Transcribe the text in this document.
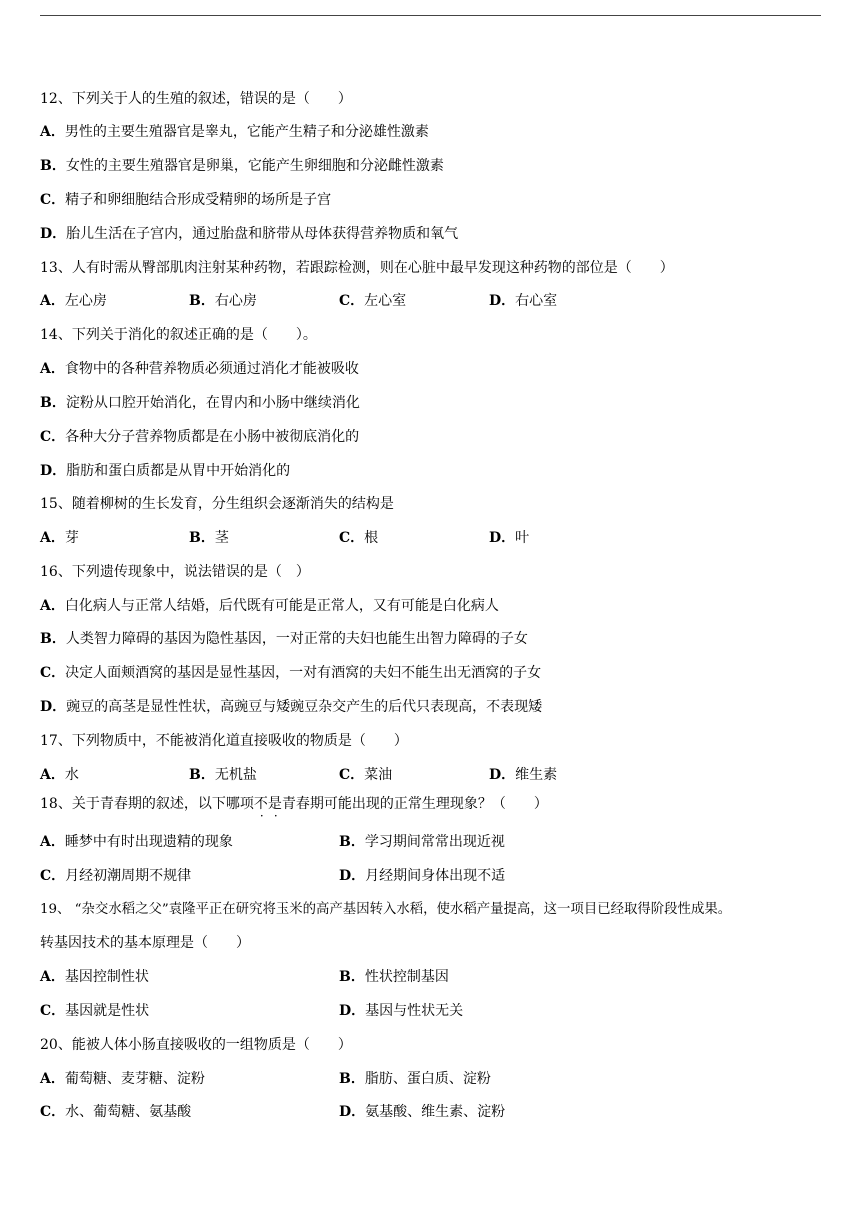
12、下列关于人的生殖的叙述，错误的是（　　）
A．男性的主要生殖器官是睾丸，它能产生精子和分泌雄性激素
B．女性的主要生殖器官是卵巢，它能产生卵细胞和分泌雌性激素
C．精子和卵细胞结合形成受精卵的场所是子宫
D．胎儿生活在子宫内，通过胎盘和脐带从母体获得营养物质和氧气
13、人有时需从臀部肌肉注射某种药物，若跟踪检测，则在心脏中最早发现这种药物的部位是（　　）
A．左心房	B．右心房	C．左心室	D．右心室
14、下列关于消化的叙述正确的是（　　）。
A．食物中的各种营养物质必须通过消化才能被吸收
B．淀粉从口腔开始消化，在胃内和小肠中继续消化
C．各种大分子营养物质都是在小肠中被彻底消化的
D．脂肪和蛋白质都是从胃中开始消化的
15、随着柳树的生长发育，分生组织会逐渐消失的结构是
A．芽	B．茎	C．根	D．叶
16、下列遗传现象中，说法错误的是（　）
A．白化病人与正常人结婚，后代既有可能是正常人，又有可能是白化病人
B．人类智力障碍的基因为隐性基因，一对正常的夫妇也能生出智力障碍的子女
C．决定人面颊酒窝的基因是显性基因，一对有酒窝的夫妇不能生出无酒窝的子女
D．豌豆的高茎是显性性状，高豌豆与矮豌豆杂交产生的后代只表现高，不表现矮
17、下列物质中，不能被消化道直接吸收的物质是（　　）
A．水	B．无机盐	C．菜油	D．维生素
18、关于青春期的叙述，以下哪项不是青春期可能出现的正常生理现象？（　　）
A．睡梦中有时出现遗精的现象	B．学习期间常常出现近视
C．月经初潮周期不规律	D．月经期间身体出现不适
19、 “杂交水稻之父”袁隆平正在研究将玉米的高产基因转入水稻，使水稻产量提高，这一项目已经取得阶段性成果。
转基因技术的基本原理是（　　）
A．基因控制性状	B．性状控制基因
C．基因就是性状	D．基因与性状无关
20、能被人体小肠直接吸收的一组物质是（　　）
A．葡萄糖、麦芽糖、淀粉	B．脂肪、蛋白质、淀粉
C．水、葡萄糖、氨基酸	D．氨基酸、维生素、淀粉
